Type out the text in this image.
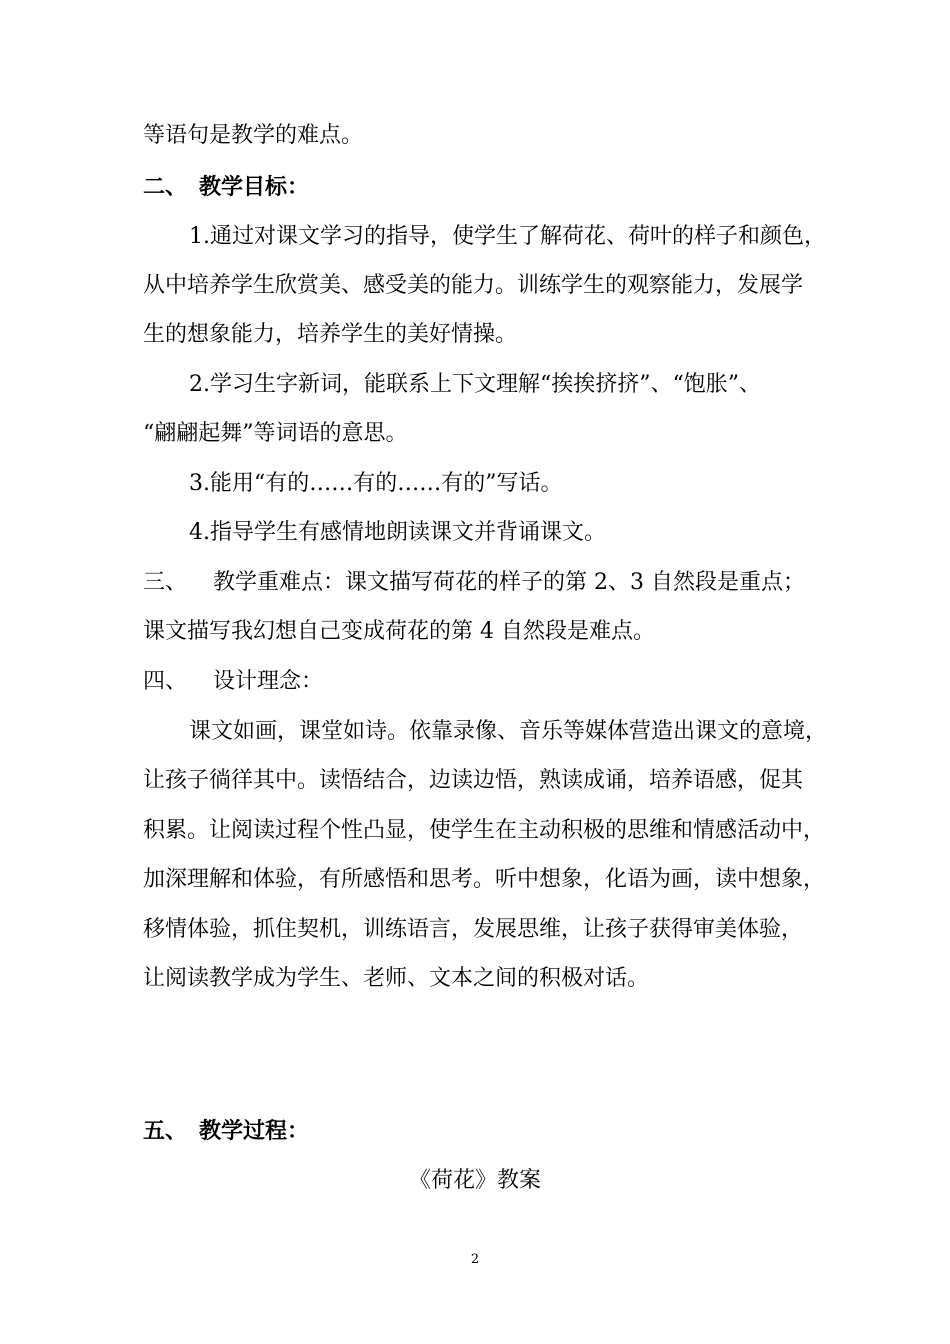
等语句是教学的难点。
二、 教学目标：
1.通过对课文学习的指导，使学生了解荷花、荷叶的样子和颜色，
从中培养学生欣赏美、感受美的能力。训练学生的观察能力，发展学
生的想象能力，培养学生的美好情操。
2.学习生字新词，能联系上下文理解“挨挨挤挤”、“饱胀”、
“翩翩起舞”等词语的意思。
3.能用“有的……有的……有的”写话。
4.指导学生有感情地朗读课文并背诵课文。
三、 教学重难点：课文描写荷花的样子的第 2、3 自然段是重点；
课文描写我幻想自己变成荷花的第 4 自然段是难点。
四、 设计理念：
课文如画，课堂如诗。依靠录像、音乐等媒体营造出课文的意境，
让孩子徜徉其中。读悟结合，边读边悟，熟读成诵，培养语感，促其
积累。让阅读过程个性凸显，使学生在主动积极的思维和情感活动中，
加深理解和体验，有所感悟和思考。听中想象，化语为画，读中想象，
移情体验，抓住契机，训练语言，发展思维，让孩子获得审美体验，
让阅读教学成为学生、老师、文本之间的积极对话。
五、 教学过程：
《荷花》教案
2
